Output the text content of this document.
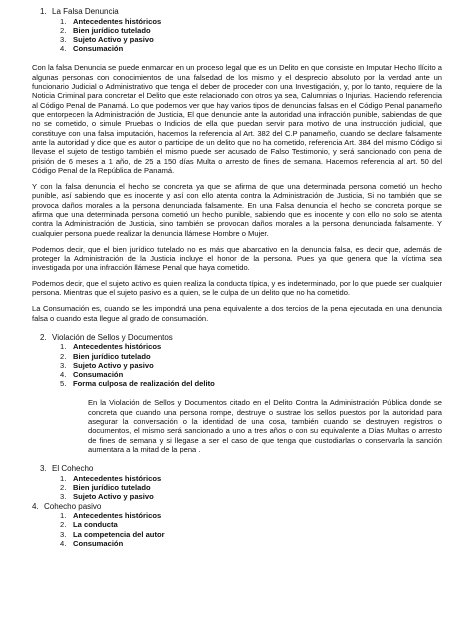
1. La Falsa Denuncia
1. Antecedentes históricos
2. Bien jurídico tutelado
3. Sujeto Activo y pasivo
4. Consumación

Con la falsa Denuncia se puede enmarcar en un proceso legal que es un Delito en que consiste en Imputar Hecho Ilícito a algunas personas con conocimientos de una falsedad de los mismo y el desprecio absoluto por la verdad ante un funcionario Judicial o Administrativo que tenga el deber de proceder con una Investigación, y, por lo tanto, requiere de la Noticia Criminal para concretar el Delito que este relacionado con otros ya sea, Calumnias o Injurias. Haciendo referencia al Código Penal de Panamá. Lo que podemos ver que hay varios tipos de denuncias falsas en el Código Penal panameño que entorpecen la Administración de Justicia, El que denuncie ante la autoridad una infracción punible, sabiendas de que no se cometido, o simule Pruebas o Indicios de ella que puedan servir para motivo de una instrucción judicial, que constituye con una falsa imputación, hacemos la referencia al Art. 382 del C.P panameño, cuando se declare falsamente ante la autoridad y dice que es autor o participe de un delito que no ha cometido, referencia Art. 384 del mismo Código si llevase el sujeto de testigo también el mismo puede ser acusado de Falso Testimonio, y será sancionado con pena de prisión de 6 meses a 1 año, de 25 a 150 días Multa o arresto de fines de semana. Hacemos referencia al art. 50 del Código Penal de la República de Panamá.

Y con la falsa denuncia el hecho se concreta ya que se afirma de que una determinada persona cometió un hecho punible, así sabiendo que es inocente y así con ello atenta contra la Administración de Justicia, Si no también que se provoca daños morales a la persona denunciada falsamente. En una Falsa denuncia el hecho se concreta porque se afirma que una determinada persona cometió un hecho punible, sabiendo que es inocente y con ello no solo se atenta contra la Administración de Justicia, sino también se provocan daños morales a la persona denunciada falsamente. Y cualquier persona puede realizar la denuncia llámese Hombre o Mujer.

Podemos decir, que el bien jurídico tutelado no es más que abarcativo en la denuncia falsa, es decir que, además de proteger la Administración de la Justicia incluye el honor de la persona. Pues ya que genera que la víctima sea investigada por una infracción llámese Penal que haya cometido.

Podemos decir, que el sujeto activo es quien realiza la conducta típica, y es indeterminado, por lo que puede ser cualquier persona. Mientras que el sujeto pasivo es a quien, se le culpa de un delito que no ha cometido.

La Consumación es, cuando se les impondrá una pena equivalente a dos tercios de la pena ejecutada en una denuncia falsa o cuando esta llegue al grado de consumación.

2. Violación de Sellos y Documentos
1. Antecedentes históricos
2. Bien jurídico tutelado
3. Sujeto Activo y pasivo
4. Consumación
5. Forma culposa de realización del delito

En la Violación de Sellos y Documentos citado en el Delito Contra la Administración Pública donde se concreta que cuando una persona rompe, destruye o sustrae los sellos puestos por la autoridad para asegurar la conversación o la identidad de una cosa, también cuando se destruyen registros o documentos, el mismo será sancionado a uno a tres años o con su equivalente a Días Multas o arresto de fines de semana y si llegase a ser el caso de que tenga que custodiarlas o conservarla la sanción aumentara a la mitad de la pena .

3. El Cohecho
1. Antecedentes históricos
2. Bien jurídico tutelado
3. Sujeto Activo y pasivo
4. Cohecho pasivo
1. Antecedentes históricos
2. La conducta
3. La competencia del autor
4. Consumación
